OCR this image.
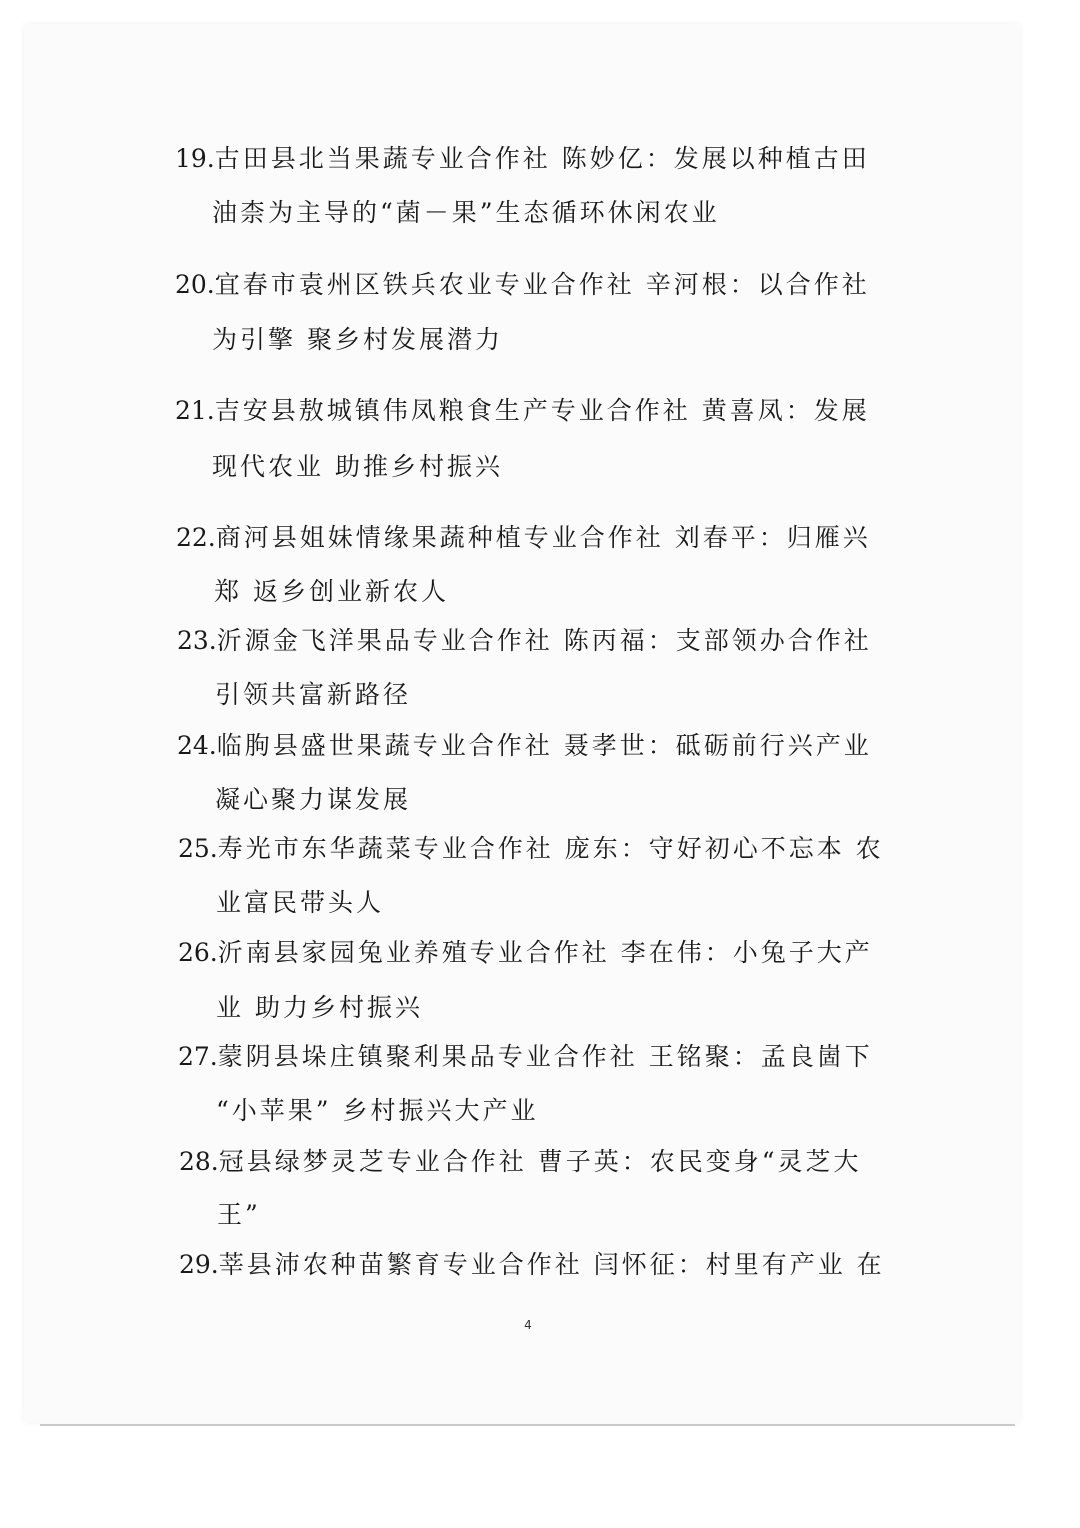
19.古田县北当果蔬专业合作社 陈妙亿：发展以种植古田
油柰为主导的“菌－果”生态循环休闲农业
20.宜春市袁州区铁兵农业专业合作社 辛河根：以合作社
为引擎 聚乡村发展潜力
21.吉安县敖城镇伟凤粮食生产专业合作社 黄喜凤：发展
现代农业 助推乡村振兴
22.商河县姐妹情缘果蔬种植专业合作社 刘春平：归雁兴
郑 返乡创业新农人
23.沂源金飞洋果品专业合作社 陈丙福：支部领办合作社
引领共富新路径
24.临朐县盛世果蔬专业合作社 聂孝世：砥砺前行兴产业
凝心聚力谋发展
25.寿光市东华蔬菜专业合作社 庞东：守好初心不忘本 农
业富民带头人
26.沂南县家园兔业养殖专业合作社 李在伟：小兔子大产
业 助力乡村振兴
27.蒙阴县垛庄镇聚利果品专业合作社 王铭聚：孟良崮下
“小苹果” 乡村振兴大产业
28.冠县绿梦灵芝专业合作社 曹子英：农民变身“灵芝大
王”
29.莘县沛农种苗繁育专业合作社 闫怀征：村里有产业 在
4
